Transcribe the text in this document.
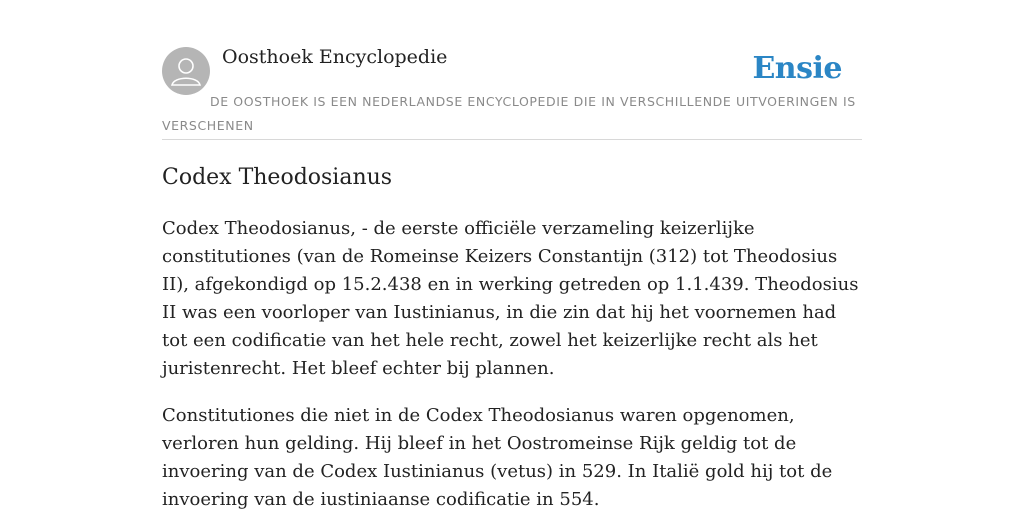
Oosthoek Encyclopedie	Ensie
DE OOSTHOEK IS EEN NEDERLANDSE ENCYCLOPEDIE DIE IN VERSCHILLENDE UITVOERINGEN IS VERSCHENEN
Codex Theodosianus

Codex Theodosianus, - de eerste officiële verzameling keizerlijke constitutiones (van de Romeinse Keizers Constantijn (312) tot Theodosius II), afgekondigd op 15.2.438 en in werking getreden op 1.1.439. Theodosius II was een voorloper van Iustinianus, in die zin dat hij het voornemen had tot een codificatie van het hele recht, zowel het keizerlijke recht als het juristenrecht. Het bleef echter bij plannen.

Constitutiones die niet in de Codex Theodosianus waren opgenomen, verloren hun gelding. Hij bleef in het Oostromeinse Rijk geldig tot de invoering van de Codex Iustinianus (vetus) in 529. In Italië gold hij tot de invoering van de iustiniaanse codificatie in 554.
